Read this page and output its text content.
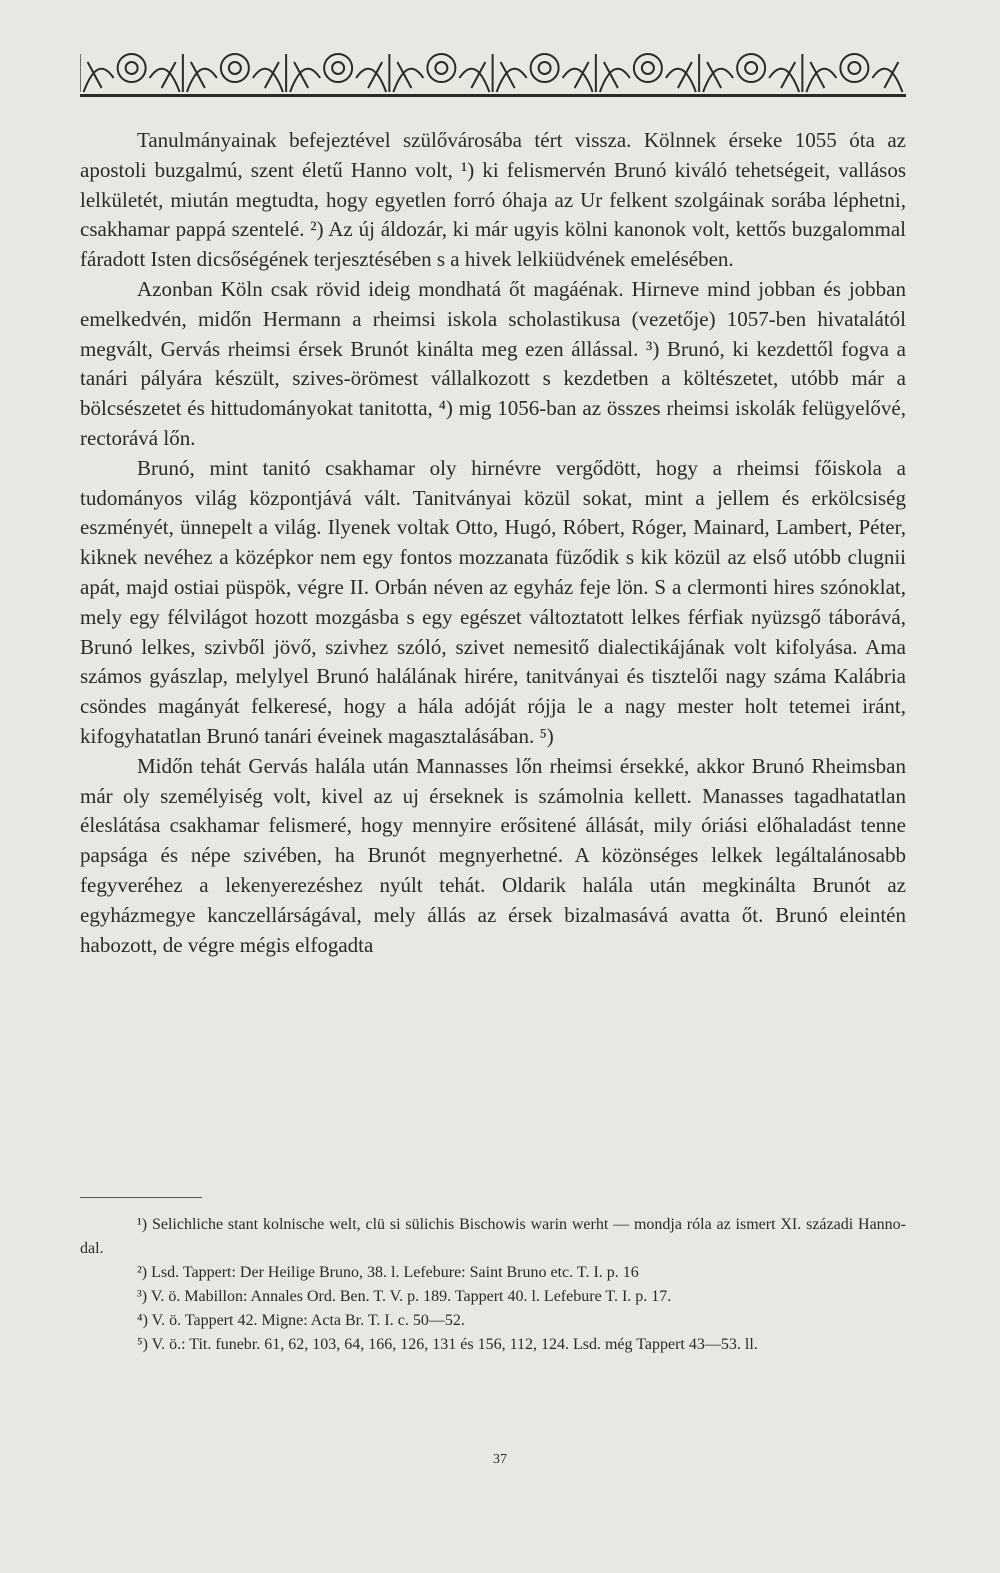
Tanulmányainak befejeztével szülővárosába tért vissza. Kölnnek érseke 1055 óta az apostoli buzgalmú, szent életű Hanno volt, ¹) ki felismervén Brunó kiváló tehetségeit, vallásos lelkületét, miután megtudta, hogy egyetlen forró óhaja az Ur felkent szolgáinak sorába léphetni, csakhamar pappá szentelé. ²) Az új áldozár, ki már ugyis kölni kanonok volt, kettős buzgalommal fáradott Isten dicsőségének terjesztésében s a hivek lelkiüdvének emelésében.

Azonban Köln csak rövid ideig mondhatá őt magáénak. Hirneve mind jobban és jobban emelkedvén, midőn Hermann a rheimsi iskola scholastikusa (vezetője) 1057-ben hivatalától megvált, Gervás rheimsi érsek Brunót kinálta meg ezen állással. ³) Brunó, ki kezdettől fogva a tanári pályára készült, szives-örömest vállalkozott s kezdetben a költészetet, utóbb már a bölcsészetet és hittudományokat tanitotta, ⁴) mig 1056-ban az összes rheimsi iskolák felügyelővé, rectorává lőn.

Brunó, mint tanitó csakhamar oly hirnévre vergődött, hogy a rheimsi főiskola a tudományos világ központjává vált. Tanitványai közül sokat, mint a jellem és erkölcsiség eszményét, ünnepelt a világ. Ilyenek voltak Otto, Hugó, Róbert, Róger, Mainard, Lambert, Péter, kiknek nevéhez a középkor nem egy fontos mozzanata füződik s kik közül az első utóbb clugnii apát, majd ostiai püspök, végre II. Orbán néven az egyház feje lön. S a clermonti hires szónoklat, mely egy félvilágot hozott mozgásba s egy egészet változtatott lelkes férfiak nyüzsgő táborává, Brunó lelkes, szivből jövő, szivhez szóló, szivet nemesitő dialectikájának volt kifolyása. Ama számos gyászlap, melylyel Brunó halálának hirére, tanitványai és tisztelői nagy száma Kalábria csöndes magányát felkeresé, hogy a hála adóját rójja le a nagy mester holt tetemei iránt, kifogyhatatlan Brunó tanári éveinek magasztalásában. ⁵)

Midőn tehát Gervás halála után Mannasses lőn rheimsi érsekké, akkor Brunó Rheimsban már oly személyiség volt, kivel az uj érseknek is számolnia kellett. Manasses tagadhatatlan éleslátása csakhamar felismeré, hogy mennyire erősitené állását, mily óriási előhaladást tenne papsága és népe szivében, ha Brunót megnyerhetné. A közönséges lelkek legáltalánosabb fegyveréhez a lekenyerezéshez nyúlt tehát. Oldarik halála után megkinálta Brunót az egyházmegye kanczellárságával, mely állás az érsek bizalmasává avatta őt. Brunó eleintén habozott, de végre mégis elfogadta

¹) Selichliche stant kolnische welt, clü si sülichis Bischowis warin werht — mondja róla az ismert XI. századi Hanno-dal.

²) Lsd. Tappert: Der Heilige Bruno, 38. l. Lefebure: Saint Bruno etc. T. I. p. 16

³) V. ö. Mabillon: Annales Ord. Ben. T. V. p. 189. Tappert 40. l. Lefebure T. I. p. 17.

⁴) V. ö. Tappert 42. Migne: Acta Br. T. I. c. 50—52.

⁵) V. ö.: Tit. funebr. 61, 62, 103, 64, 166, 126, 131 és 156, 112, 124. Lsd. még Tappert 43—53. ll.

37
